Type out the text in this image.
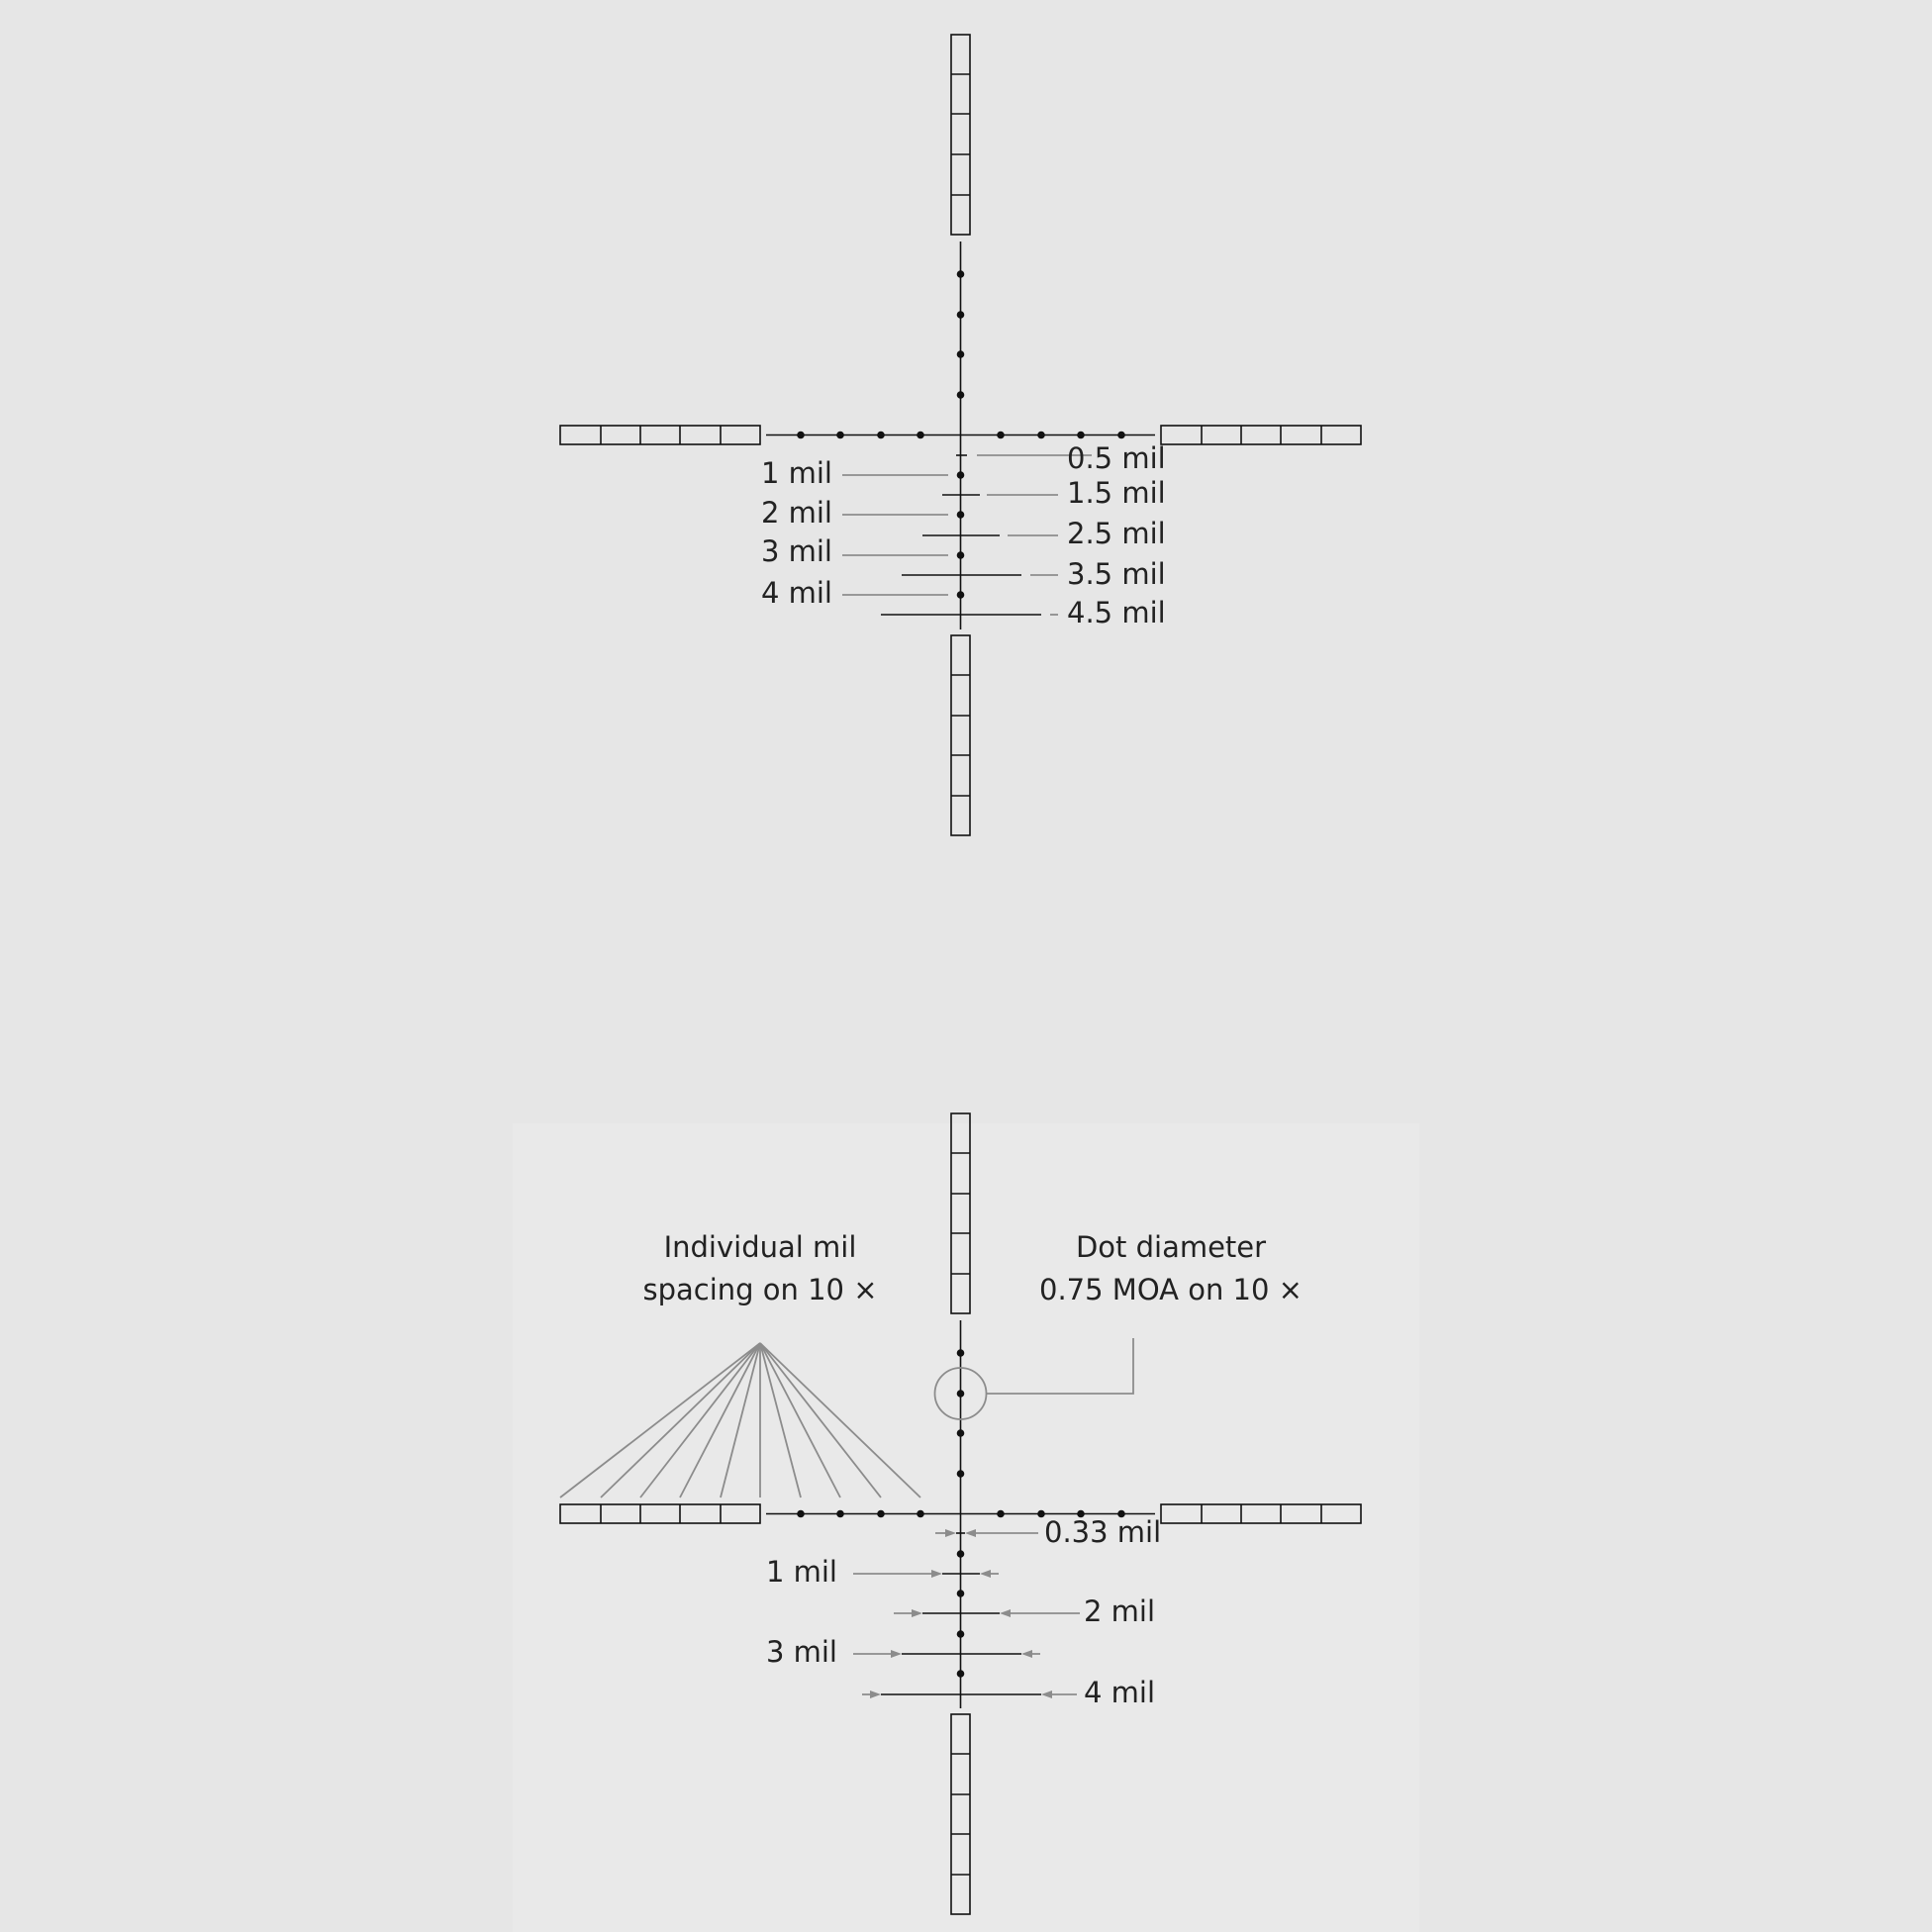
1 mil
2 mil
3 mil
4 mil
0.5 mil
1.5 mil
2.5 mil
3.5 mil
4.5 mil
Individual mil
spacing on 10 ×
Dot diameter
0.75 MOA on 10 ×
1 mil
3 mil
0.33 mil
2 mil
4 mil
